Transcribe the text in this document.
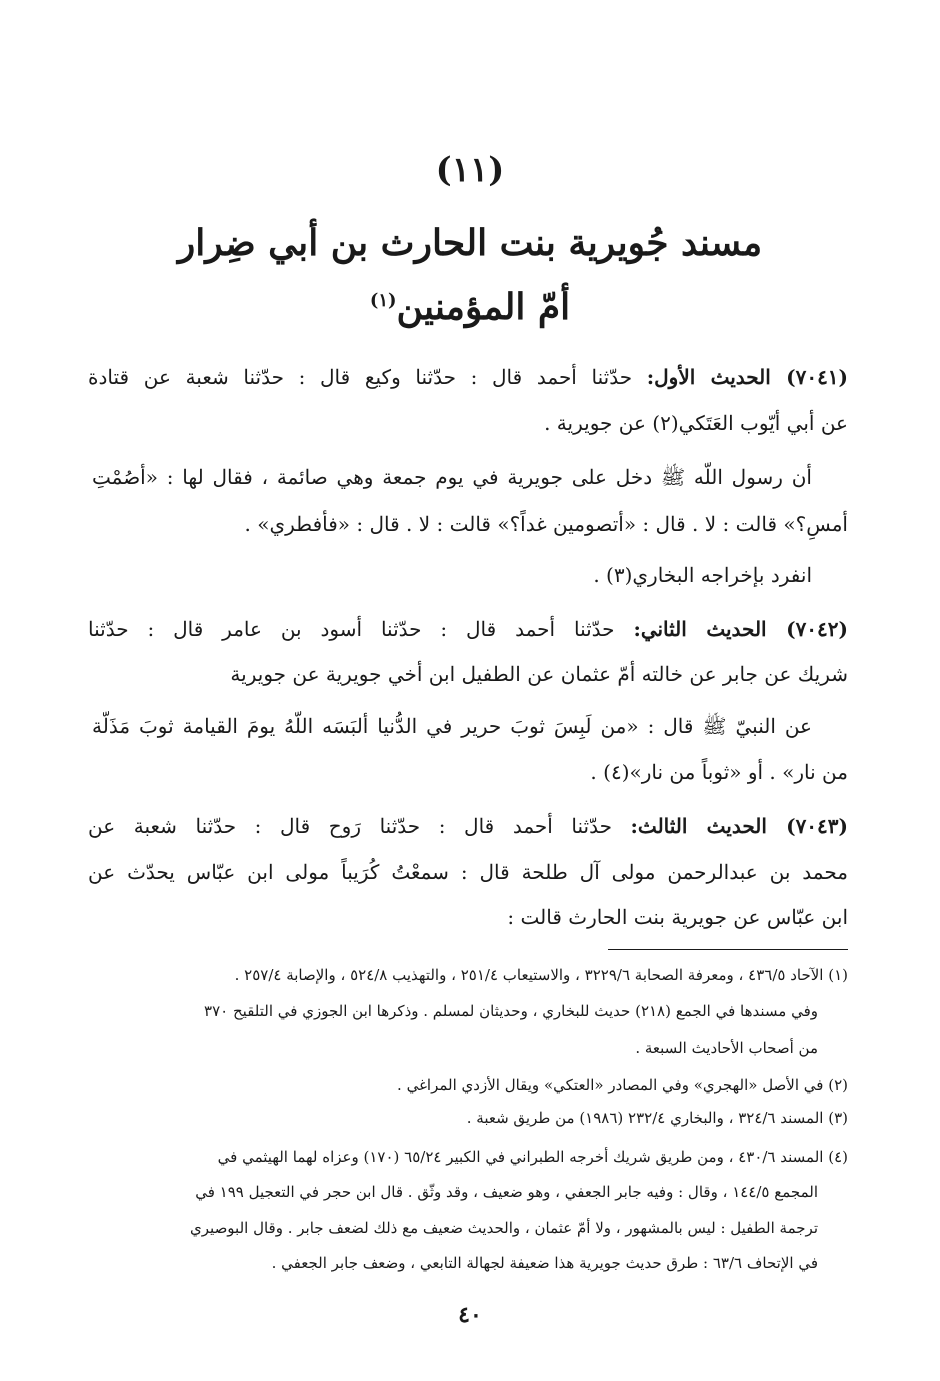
(١١)
مسند جُويرية بنت الحارث بن أبي ضِرار
أمّ المؤمنين$^{(١)}$
(٧٠٤١) الحديث الأول: حدّثنا أحمد قال : حدّثنا وكيع قال : حدّثنا شعبة عن قتادة
عن أبي أيّوب العَتَكي(٢) عن جويرية .
أن رسول اللّه ﷺ دخل على جويرية في يوم جمعة وهي صائمة ، فقال لها : «أصُمْتِ
أمسِ؟» قالت : لا . قال : «أتصومين غداً؟» قالت : لا . قال : «فأفطري» .
انفرد بإخراجه البخاري(٣) .
(٧٠٤٢) الحديث الثاني: حدّثنا أحمد قال : حدّثنا أسود بن عامر قال : حدّثنا
شريك عن جابر عن خالته أمّ عثمان عن الطفيل ابن أخي جويرية عن جويرية
عن النبيّ ﷺ قال : «من لَبِسَ ثوبَ حرير في الدُّنيا ألبَسَه اللّهُ يومَ القيامة ثوبَ مَذَلّة
من نار» . أو «ثوباً من نار»(٤) .
(٧٠٤٣) الحديث الثالث: حدّثنا أحمد قال : حدّثنا رَوح قال : حدّثنا شعبة عن
محمد بن عبدالرحمن مولى آل طلحة قال : سمعْتُ كُرَيباً مولى ابن عبّاس يحدّث عن
ابن عبّاس عن جويرية بنت الحارث قالت :
(١) الآحاد ٤٣٦/٥ ، ومعرفة الصحابة ٣٢٢٩/٦ ، والاستيعاب ٢٥١/٤ ، والتهذيب ٥٢٤/٨ ، والإصابة ٢٥٧/٤ .
وفي مسندها في الجمع (٢١٨) حديث للبخاري ، وحديثان لمسلم . وذكرها ابن الجوزي في التلقيح ٣٧٠
من أصحاب الأحاديث السبعة .
(٢) في الأصل «الهجري» وفي المصادر «العتكي» ويقال الأزدي المراغي .
(٣) المسند ٣٢٤/٦ ، والبخاري ٢٣٢/٤ (١٩٨٦) من طريق شعبة .
(٤) المسند ٤٣٠/٦ ، ومن طريق شريك أخرجه الطبراني في الكبير ٦٥/٢٤ (١٧٠) وعزاه لهما الهيثمي في
المجمع ١٤٤/٥ ، وقال : وفيه جابر الجعفي ، وهو ضعيف ، وقد وثّق . قال ابن حجر في التعجيل ١٩٩ في
ترجمة الطفيل : ليس بالمشهور ، ولا أمّ عثمان ، والحديث ضعيف مع ذلك لضعف جابر . وقال البوصيري
في الإتحاف ٦٣/٦ : طرق حديث جويرية هذا ضعيفة لجهالة التابعي ، وضعف جابر الجعفي .
٤٠
